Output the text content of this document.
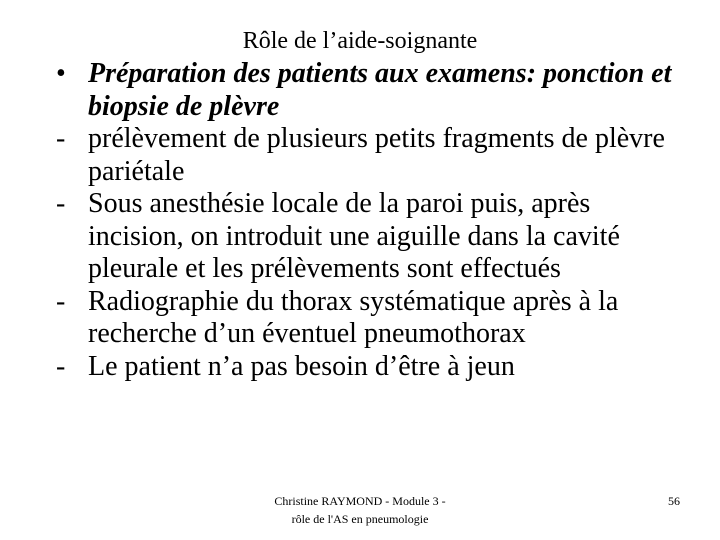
Rôle de l’aide-soignante
• Préparation des patients aux examens: ponction et biopsie de plèvre
- prélèvement de plusieurs petits fragments de plèvre pariétale
- Sous anesthésie locale de la paroi puis, après incision, on introduit une aiguille dans la cavité pleurale et les prélèvements sont effectués
- Radiographie du thorax systématique après à la recherche d’un éventuel pneumothorax
- Le patient n’a pas besoin d’être à jeun
Christine RAYMOND - Module 3 -
rôle de l'AS en pneumologie
56
